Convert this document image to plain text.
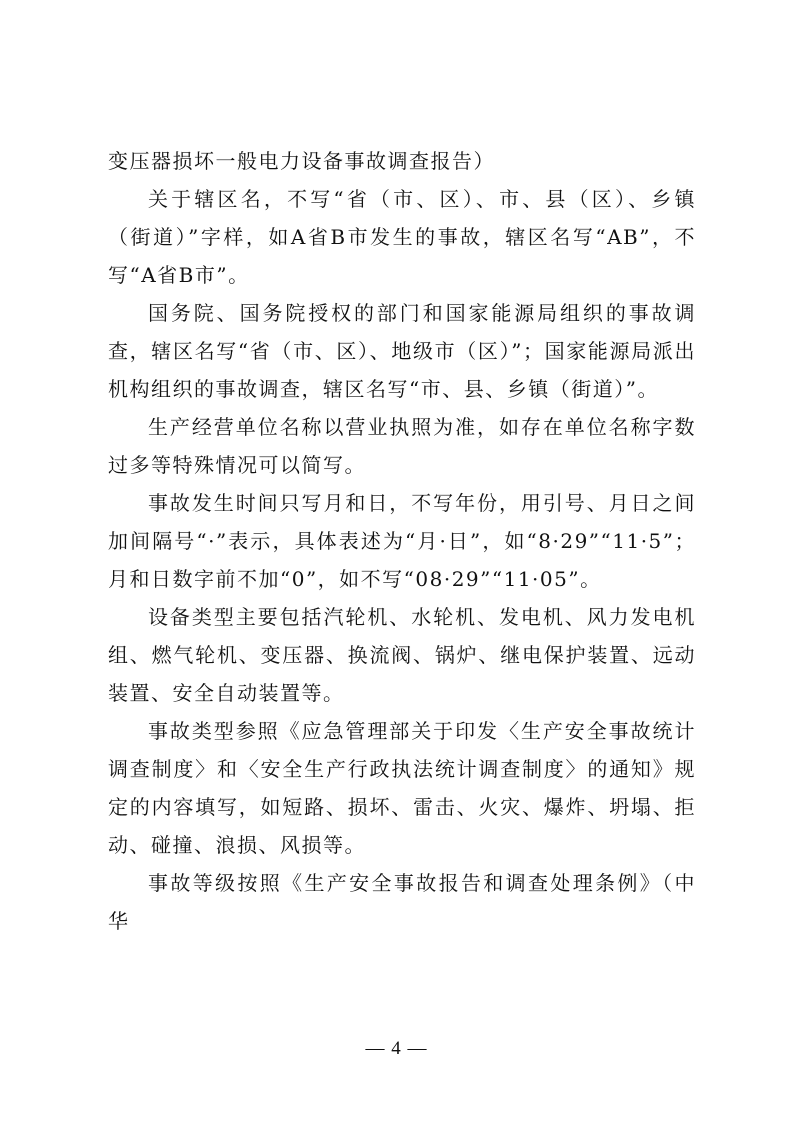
变压器损坏一般电力设备事故调查报告）

关于辖区名，不写“省（市、区）、市、县（区）、乡镇（街道）”字样，如A省B市发生的事故，辖区名写“AB”，不写“A省B市”。

国务院、国务院授权的部门和国家能源局组织的事故调查，辖区名写“省（市、区）、地级市（区）”；国家能源局派出机构组织的事故调查，辖区名写“市、县、乡镇（街道）”。

生产经营单位名称以营业执照为准，如存在单位名称字数过多等特殊情况可以简写。

事故发生时间只写月和日，不写年份，用引号、月日之间加间隔号“·”表示，具体表述为“月·日”，如“8·29”“11·5”；月和日数字前不加“0”，如不写“08·29”“11·05”。

设备类型主要包括汽轮机、水轮机、发电机、风力发电机组、燃气轮机、变压器、换流阀、锅炉、继电保护装置、远动装置、安全自动装置等。

事故类型参照《应急管理部关于印发〈生产安全事故统计调查制度〉和〈安全生产行政执法统计调查制度〉的通知》规定的内容填写，如短路、损坏、雷击、火灾、爆炸、坍塌、拒动、碰撞、浪损、风损等。

事故等级按照《生产安全事故报告和调查处理条例》（中华

— 4 —
